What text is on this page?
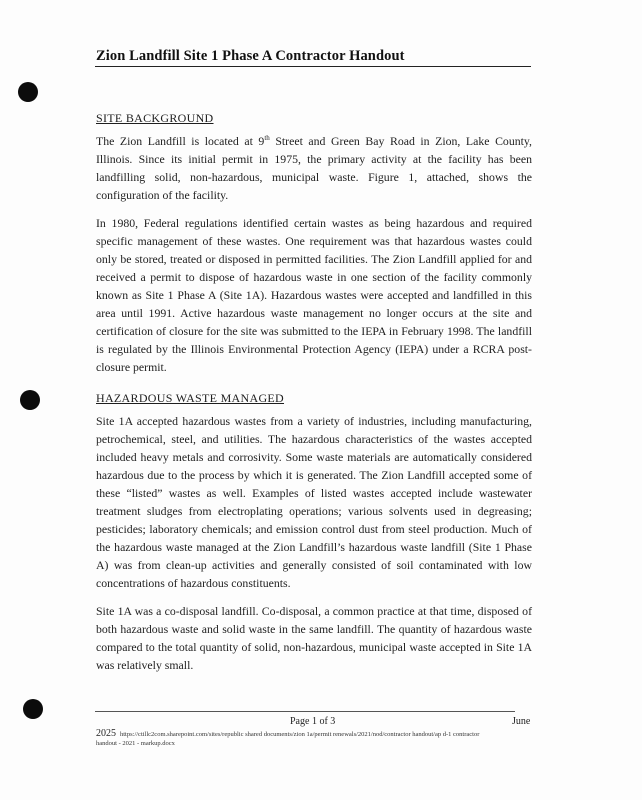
Zion Landfill Site 1 Phase A Contractor Handout
SITE BACKGROUND

The Zion Landfill is located at 9th Street and Green Bay Road in Zion, Lake County, Illinois. Since its initial permit in 1975, the primary activity at the facility has been landfilling solid, non-hazardous, municipal waste. Figure 1, attached, shows the configuration of the facility.

In 1980, Federal regulations identified certain wastes as being hazardous and required specific management of these wastes. One requirement was that hazardous wastes could only be stored, treated or disposed in permitted facilities. The Zion Landfill applied for and received a permit to dispose of hazardous waste in one section of the facility commonly known as Site 1 Phase A (Site 1A). Hazardous wastes were accepted and landfilled in this area until 1991. Active hazardous waste management no longer occurs at the site and certification of closure for the site was submitted to the IEPA in February 1998. The landfill is regulated by the Illinois Environmental Protection Agency (IEPA) under a RCRA post-closure permit.

HAZARDOUS WASTE MANAGED

Site 1A accepted hazardous wastes from a variety of industries, including manufacturing, petrochemical, steel, and utilities. The hazardous characteristics of the wastes accepted included heavy metals and corrosivity. Some waste materials are automatically considered hazardous due to the process by which it is generated. The Zion Landfill accepted some of these “listed” wastes as well. Examples of listed wastes accepted include wastewater treatment sludges from electroplating operations; various solvents used in degreasing; pesticides; laboratory chemicals; and emission control dust from steel production. Much of the hazardous waste managed at the Zion Landfill’s hazardous waste landfill (Site 1 Phase A) was from clean-up activities and generally consisted of soil contaminated with low concentrations of hazardous constituents.

Site 1A was a co-disposal landfill. Co-disposal, a common practice at that time, disposed of both hazardous waste and solid waste in the same landfill. The quantity of hazardous waste compared to the total quantity of solid, non-hazardous, municipal waste accepted in Site 1A was relatively small.

Page 1 of 3	June
2025 https://ctillc2com.sharepoint.com/sites/republic shared documents/zion 1a/permit renewals/2021/nod/contractor handout/ap d-1 contractor handout - 2021 - markup.docx
